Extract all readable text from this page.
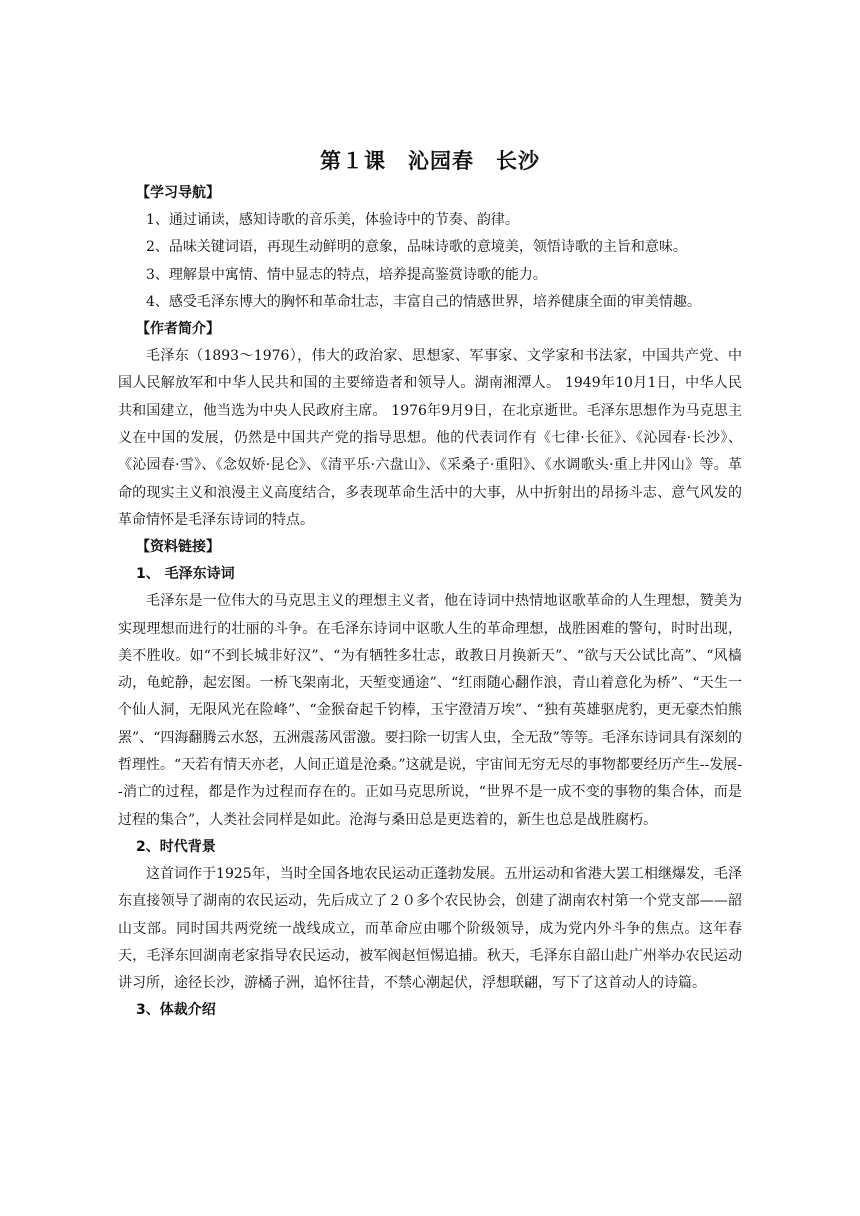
第１课　沁园春　长沙

【学习导航】

1、通过诵读，感知诗歌的音乐美，体验诗中的节奏、韵律。

2、品味关键词语，再现生动鲜明的意象，品味诗歌的意境美，领悟诗歌的主旨和意味。

3、理解景中寓情、情中显志的特点，培养提高鉴赏诗歌的能力。

4、感受毛泽东博大的胸怀和革命壮志，丰富自己的情感世界，培养健康全面的审美情趣。

【作者简介】

毛泽东（1893～1976），伟大的政治家、思想家、军事家、文学家和书法家，中国共产党、中国人民解放军和中华人民共和国的主要缔造者和领导人。湖南湘潭人。 1949年10月1日，中华人民共和国建立，他当选为中央人民政府主席。 1976年9月9日，在北京逝世。毛泽东思想作为马克思主义在中国的发展，仍然是中国共产党的指导思想。他的代表词作有《七律·长征》、《沁园春·长沙》、《沁园春·雪》、《念奴娇·昆仑》、《清平乐·六盘山》、《采桑子·重阳》、《水调歌头·重上井冈山》等。革命的现实主义和浪漫主义高度结合，多表现革命生活中的大事，从中折射出的昂扬斗志、意气风发的革命情怀是毛泽东诗词的特点。

【资料链接】

1、 毛泽东诗词

毛泽东是一位伟大的马克思主义的理想主义者，他在诗词中热情地讴歌革命的人生理想，赞美为实现理想而进行的壮丽的斗争。在毛泽东诗词中讴歌人生的革命理想，战胜困难的警句，时时出现，美不胜收。如“不到长城非好汉”、“为有牺牲多壮志，敢教日月换新天”、“欲与天公试比高”、“风樯动，龟蛇静，起宏图。一桥飞架南北，天堑变通途”、“红雨随心翻作浪，青山着意化为桥”、“天生一个仙人洞，无限风光在险峰”、“金猴奋起千钧棒，玉宇澄清万埃”、“独有英雄驱虎豹，更无豪杰怕熊罴”、“四海翻腾云水怒，五洲震荡风雷激。要扫除一切害人虫，全无敌”等等。毛泽东诗词具有深刻的哲理性。“天若有情天亦老，人间正道是沧桑。”这就是说，宇宙间无穷无尽的事物都要经历产生--发展--消亡的过程，都是作为过程而存在的。正如马克思所说，“世界不是一成不变的事物的集合体，而是过程的集合”，人类社会同样是如此。沧海与桑田总是更迭着的，新生也总是战胜腐朽。

2、时代背景

这首词作于1925年，当时全国各地农民运动正蓬勃发展。五卅运动和省港大罢工相继爆发，毛泽东直接领导了湖南的农民运动，先后成立了２０多个农民协会，创建了湖南农村第一个党支部——韶山支部。同时国共两党统一战线成立，而革命应由哪个阶级领导，成为党内外斗争的焦点。这年春天，毛泽东回湖南老家指导农民运动，被军阀赵恒惕追捕。秋天，毛泽东自韶山赴广州举办农民运动讲习所，途径长沙，游橘子洲，追怀往昔，不禁心潮起伏，浮想联翩，写下了这首动人的诗篇。

3、体裁介绍
